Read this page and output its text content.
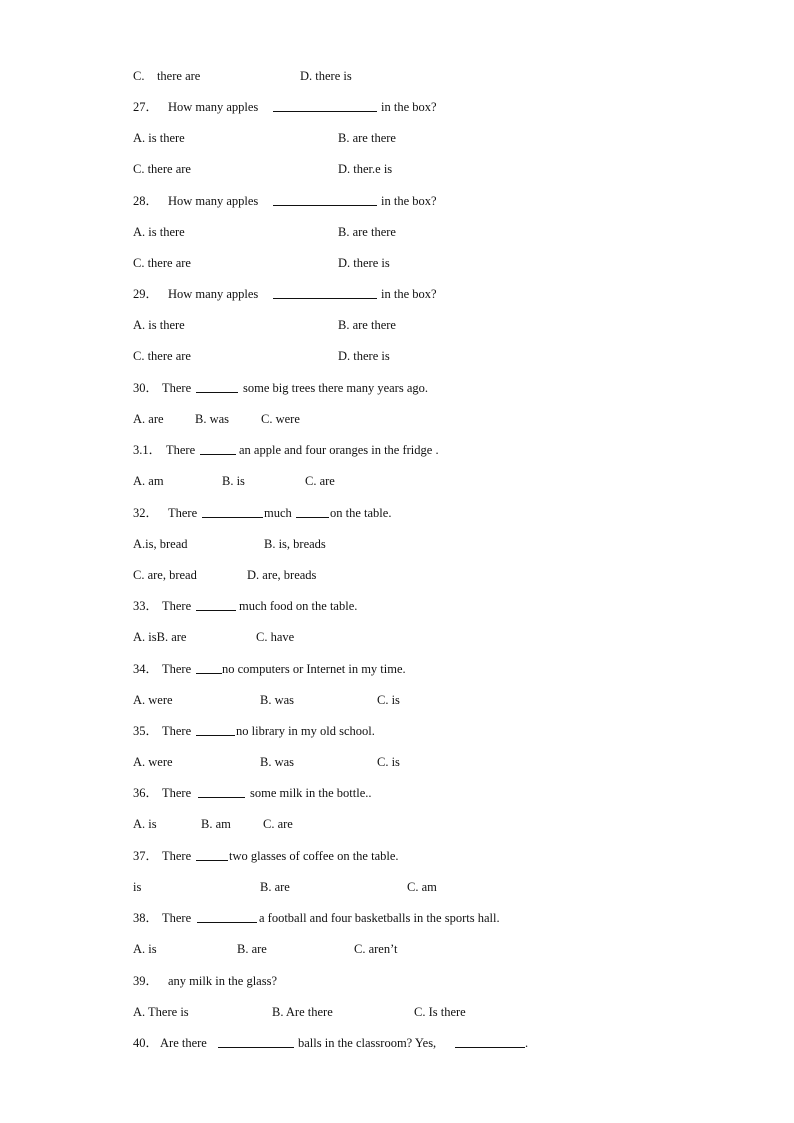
C.　there are	D. there is
27． How many apples	in the box?
A. is there	B. are there
C. there are	D. ther.e is
28． How many apples	in the box?
A. is there	B. are there
C. there are	D. there is
29． How many apples	in the box?
A. is there	B. are there
C. there are	D. there is
30． There	some big trees there many years ago.
A. are	B. was	C. were
3.1． There	an apple and four oranges in the fridge .
A. am	B. is	C. are
32． There	much	on the table.
A.is, bread	B. is, breads
C. are, bread	D. are, breads
33． There	much food on the table.
A. isB. are	C. have
34． There no computers or Internet in my time.
A. were	B. was	C. is
35． There	no library in my old school.
A. were	B. was	C. is
36． There	some milk in the bottle..
A. is	B. am	C. are
37． There	two glasses of coffee on the table.
is	B. are	C. am
38． There	a football and four basketballs in the sports hall.
A. is	B. are	C. aren’t
39． any milk in the glass?
A. There is	B. Are there	C. Is there
40． Are there	balls in the classroom? Yes,	.
